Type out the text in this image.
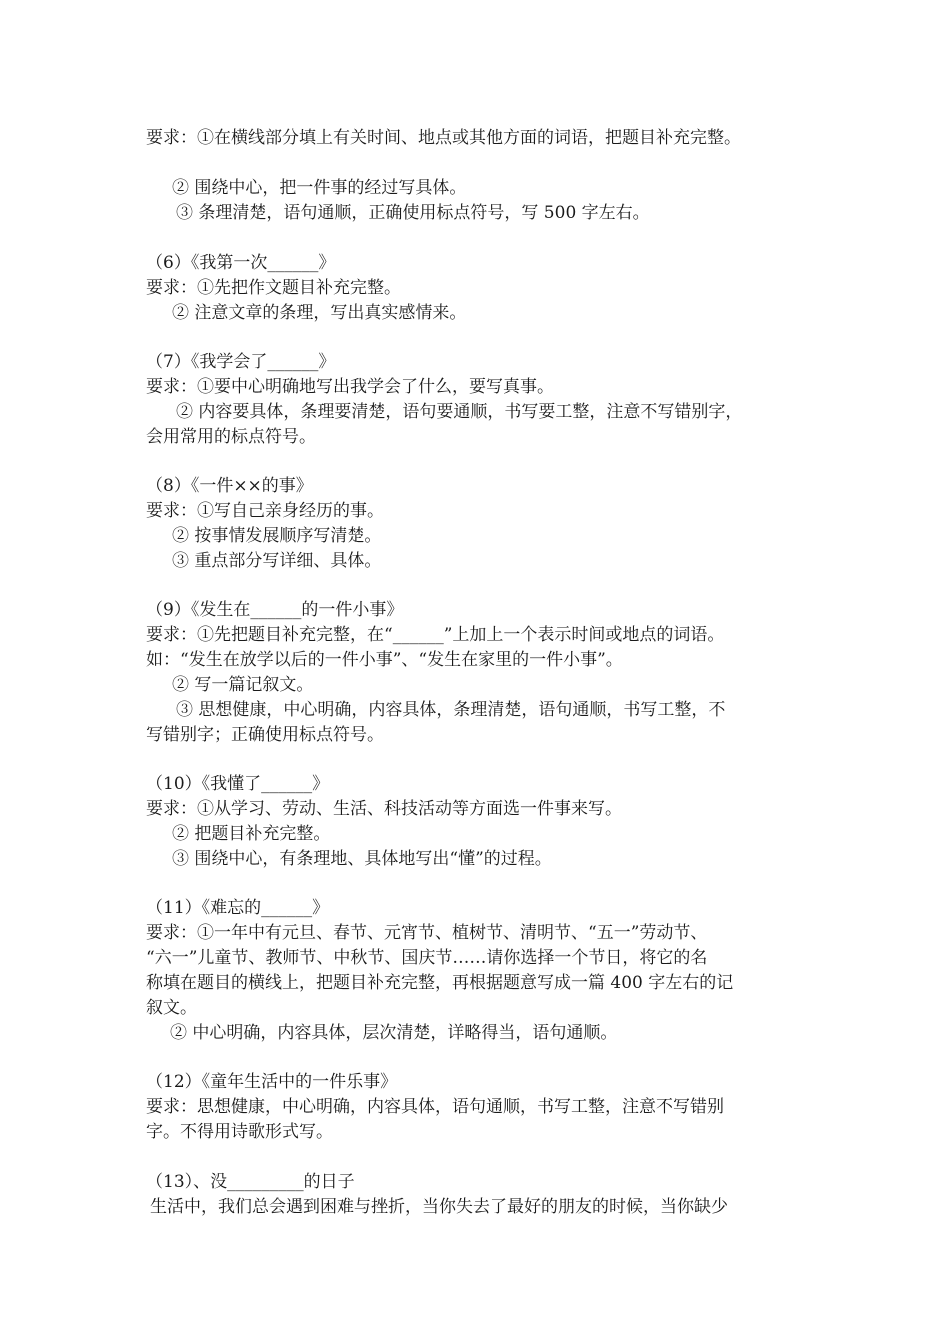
要求：①在横线部分填上有关时间、地点或其他方面的词语，把题目补充完整。
② 围绕中心，把一件事的经过写具体。
③ 条理清楚，语句通顺，正确使用标点符号，写 500 字左右。
（6）《我第一次______》
要求：①先把作文题目补充完整。
② 注意文章的条理，写出真实感情来。
（7）《我学会了______》
要求：①要中心明确地写出我学会了什么，要写真事。
② 内容要具体，条理要清楚，语句要通顺，书写要工整，注意不写错别字，
会用常用的标点符号。
（8）《一件××的事》
要求：①写自己亲身经历的事。
② 按事情发展顺序写清楚。
③ 重点部分写详细、具体。
（9）《发生在______的一件小事》
要求：①先把题目补充完整，在“______”上加上一个表示时间或地点的词语。
如：“发生在放学以后的一件小事”、“发生在家里的一件小事”。
② 写一篇记叙文。
③ 思想健康，中心明确，内容具体，条理清楚，语句通顺，书写工整，不
写错别字；正确使用标点符号。
（10）《我懂了______》
要求：①从学习、劳动、生活、科技活动等方面选一件事来写。
② 把题目补充完整。
③ 围绕中心，有条理地、具体地写出“懂”的过程。
（11）《难忘的______》
要求：①一年中有元旦、春节、元宵节、植树节、清明节、“五一”劳动节、
“六一”儿童节、教师节、中秋节、国庆节……请你选择一个节日，将它的名
称填在题目的横线上，把题目补充完整，再根据题意写成一篇 400 字左右的记
叙文。
② 中心明确，内容具体，层次清楚，详略得当，语句通顺。
（12）《童年生活中的一件乐事》
要求：思想健康，中心明确，内容具体，语句通顺，书写工整，注意不写错别
字。不得用诗歌形式写。
（13）、没_________的日子
生活中，我们总会遇到困难与挫折，当你失去了最好的朋友的时候，当你缺少
